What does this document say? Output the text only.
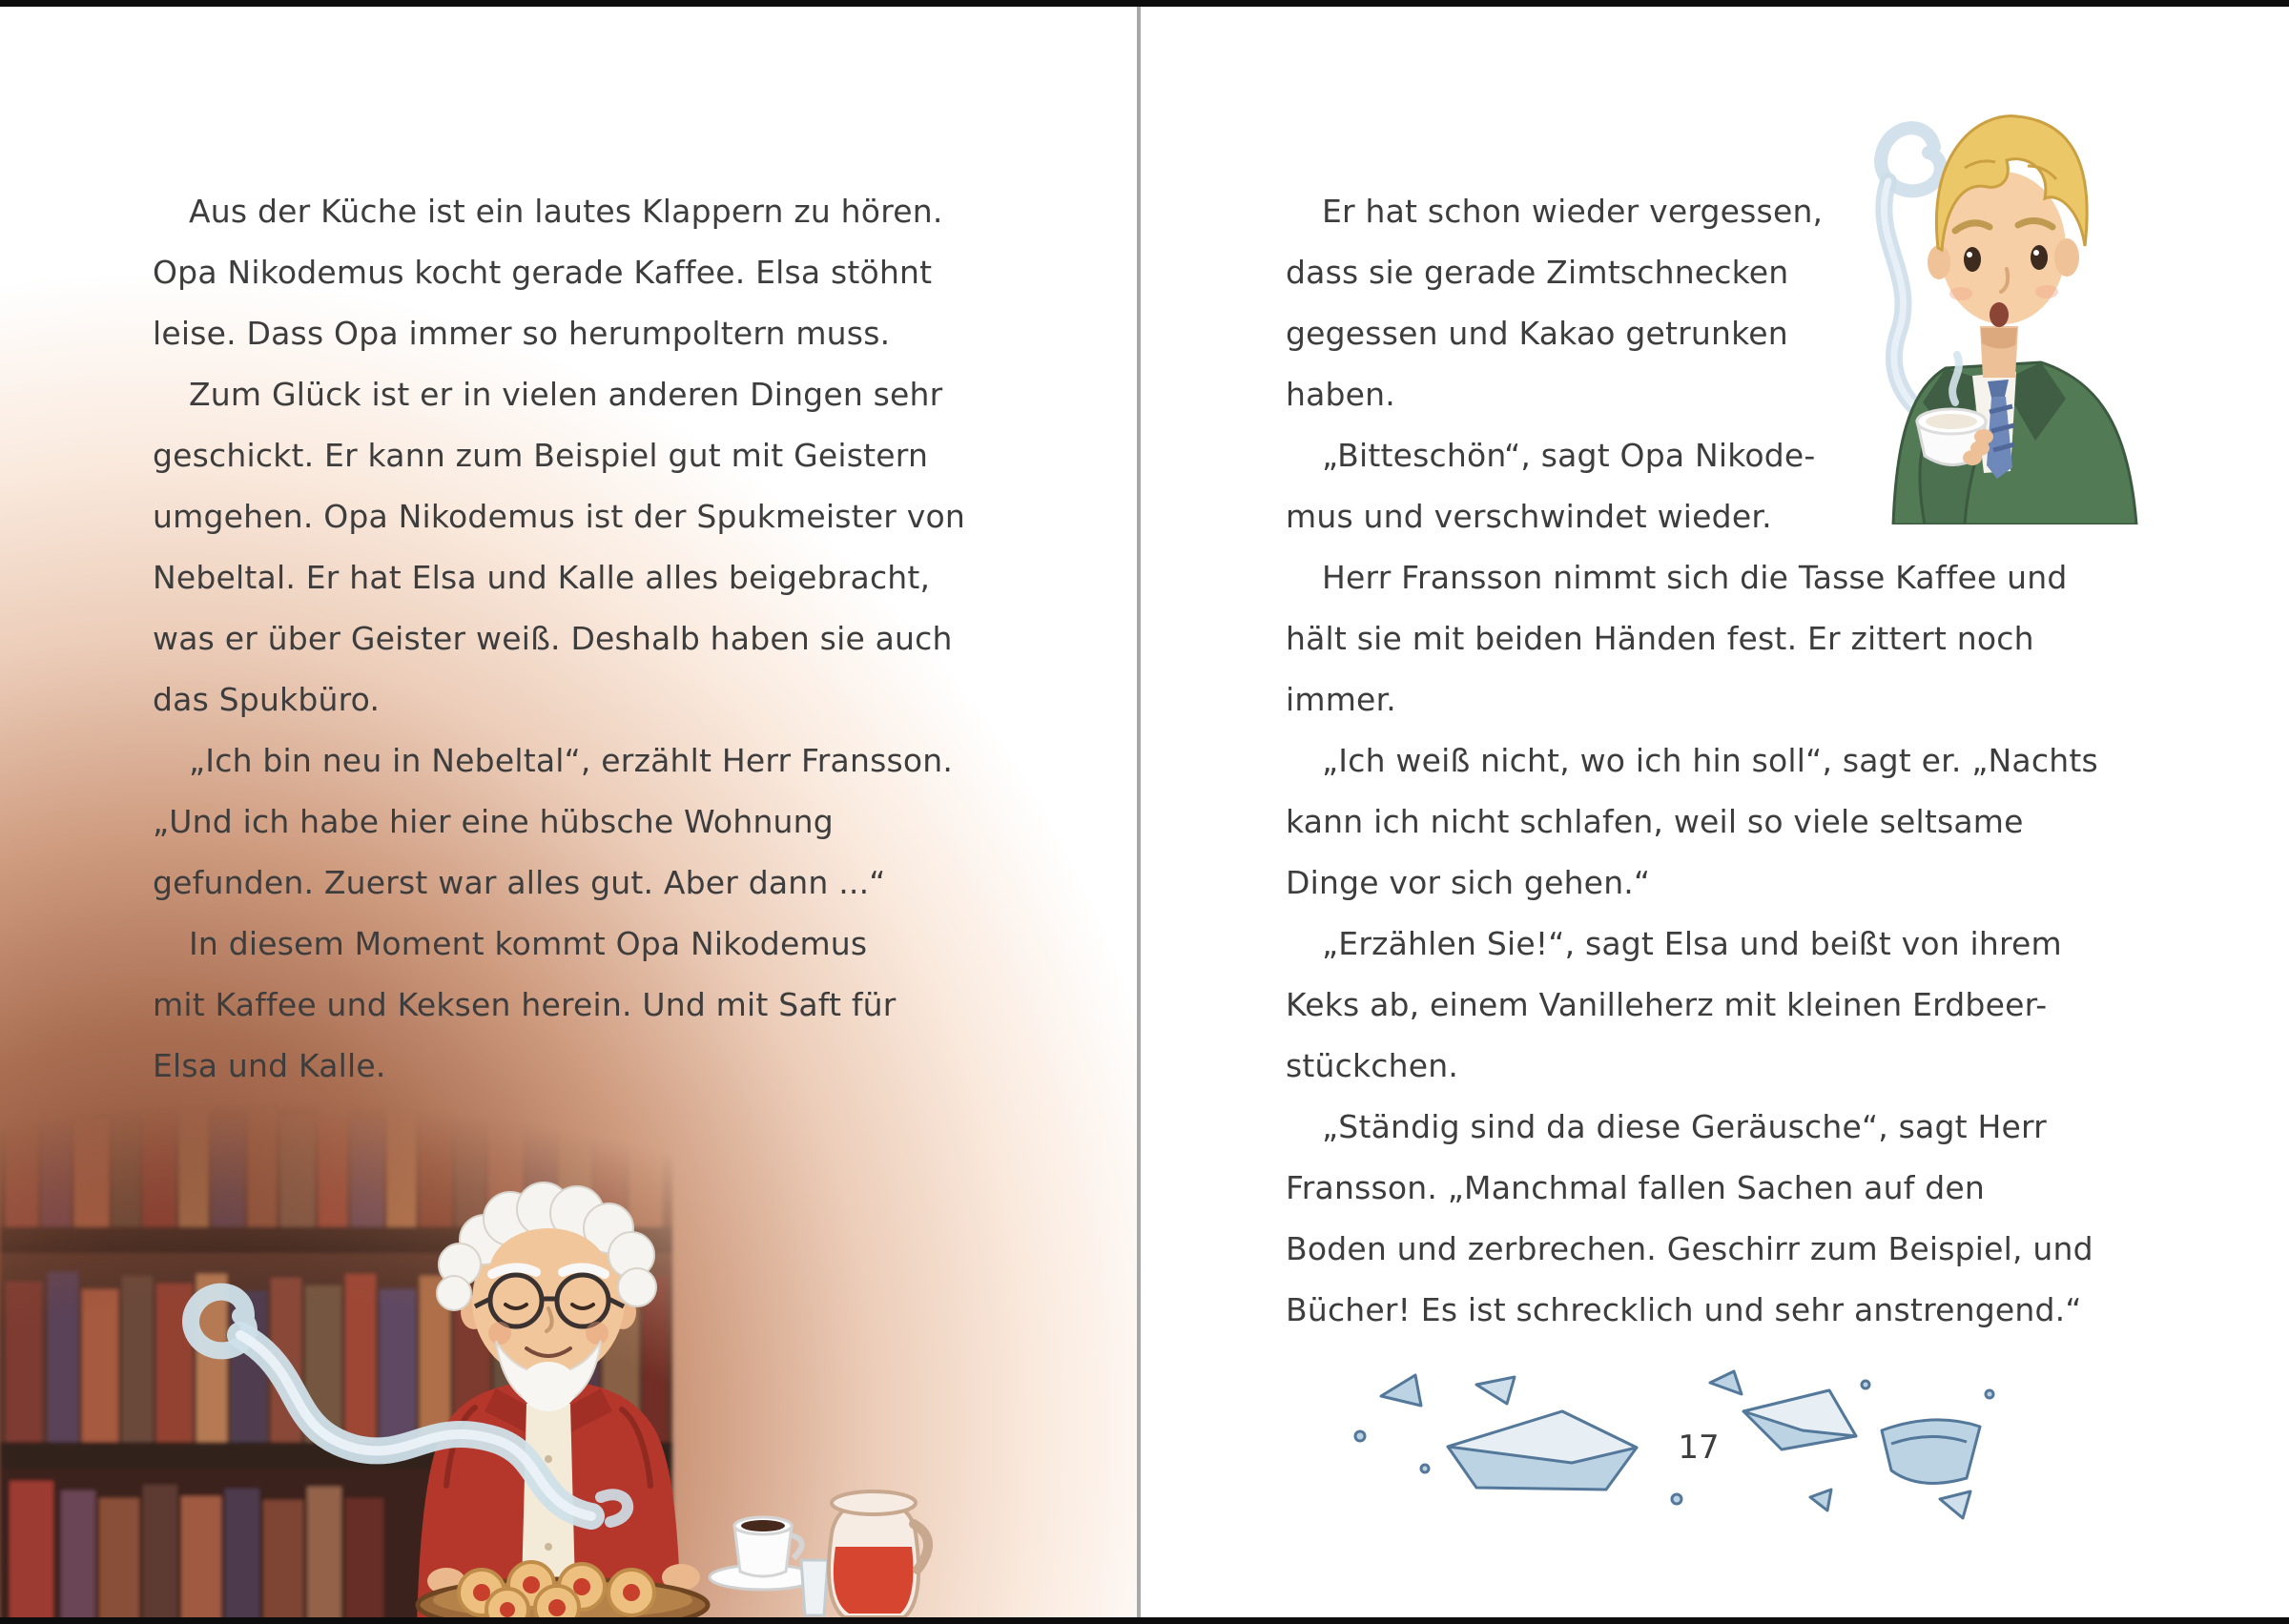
Aus der Küche ist ein lautes Klappern zu hören.
Opa Nikodemus kocht gerade Kaffee. Elsa stöhnt
leise. Dass Opa immer so herumpoltern muss.
Zum Glück ist er in vielen anderen Dingen sehr
geschickt. Er kann zum Beispiel gut mit Geistern
umgehen. Opa Nikodemus ist der Spukmeister von
Nebeltal. Er hat Elsa und Kalle alles beigebracht,
was er über Geister weiß. Deshalb haben sie auch
das Spukbüro.
„Ich bin neu in Nebeltal“, erzählt Herr Fransson.
„Und ich habe hier eine hübsche Wohnung
gefunden. Zuerst war alles gut. Aber dann ...“
In diesem Moment kommt Opa Nikodemus
mit Kaffee und Keksen herein. Und mit Saft für
Elsa und Kalle.
Er hat schon wieder vergessen,
dass sie gerade Zimtschnecken
gegessen und Kakao getrunken
haben.
„Bitteschön“, sagt Opa Nikode-
mus und verschwindet wieder.
Herr Fransson nimmt sich die Tasse Kaffee und
hält sie mit beiden Händen fest. Er zittert noch
immer.
„Ich weiß nicht, wo ich hin soll“, sagt er. „Nachts
kann ich nicht schlafen, weil so viele seltsame
Dinge vor sich gehen.“
„Erzählen Sie!“, sagt Elsa und beißt von ihrem
Keks ab, einem Vanilleherz mit kleinen Erdbeer-
stückchen.
„Ständig sind da diese Geräusche“, sagt Herr
Fransson. „Manchmal fallen Sachen auf den
Boden und zerbrechen. Geschirr zum Beispiel, und
Bücher! Es ist schrecklich und sehr anstrengend.“
17
